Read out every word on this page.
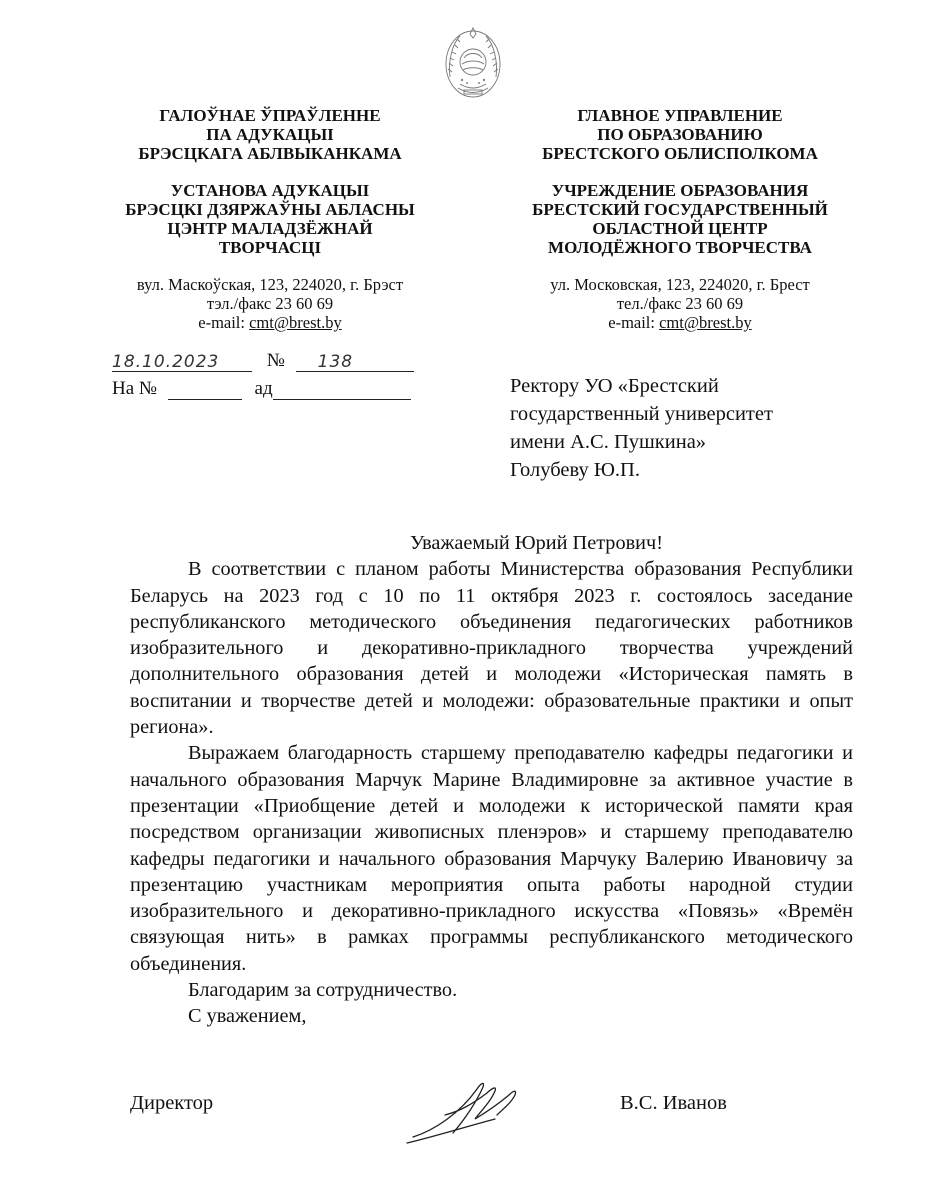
ГАЛОЎНАЕ ЎПРАЎЛЕННЕ

ПА АДУКАЦЫІ

БРЭСЦКАГА АБЛВЫКАНКАМА

УСТАНОВА АДУКАЦЫІ

БРЭСЦКІ ДЗЯРЖАЎНЫ АБЛАСНЫ

ЦЭНТР МАЛАДЗЁЖНАЙ

ТВОРЧАСЦІ

вул. Маскоўская, 123, 224020, г. Брэст

тэл./факс 23 60 69

e-mail: cmt@brest.by

ГЛАВНОЕ УПРАВЛЕНИЕ

ПО ОБРАЗОВАНИЮ

БРЕСТСКОГО ОБЛИСПОЛКОМА

УЧРЕЖДЕНИЕ ОБРАЗОВАНИЯ

БРЕСТСКИЙ ГОСУДАРСТВЕННЫЙ

ОБЛАСТНОЙ ЦЕНТР

МОЛОДЁЖНОГО ТВОРЧЕСТВА

ул. Московская, 123, 224020, г. Брест

тел./факс 23 60 69

e-mail: cmt@brest.by

18.10.2023 № 138
На №	ад	Ректору УО «Брестский
государственный университет
имени А.С. Пушкина»
Голубеву Ю.П.
Уважаемый Юрий Петрович!

В соответствии с планом работы Министерства образования Республики Беларусь на 2023 год с 10 по 11 октября 2023 г. состоялось заседание республиканского методического объединения педагогических работников изобразительного и декоративно-прикладного творчества учреждений дополнительного образования детей и молодежи «Историческая память в воспитании и творчестве детей и молодежи: образовательные практики и опыт региона».

Выражаем благодарность старшему преподавателю кафедры педагогики и начального образования Марчук Марине Владимировне за активное участие в презентации «Приобщение детей и молодежи к исторической памяти края посредством организации живописных пленэров» и старшему преподавателю кафедры педагогики и начального образования Марчуку Валерию Ивановичу за презентацию участникам мероприятия опыта работы народной студии изобразительного и декоративно-прикладного искусства «Повязь» «Времён связующая нить» в рамках программы республиканского методического объединения.

Благодарим за сотрудничество.

С уважением,

Директор	В.С. Иванов
